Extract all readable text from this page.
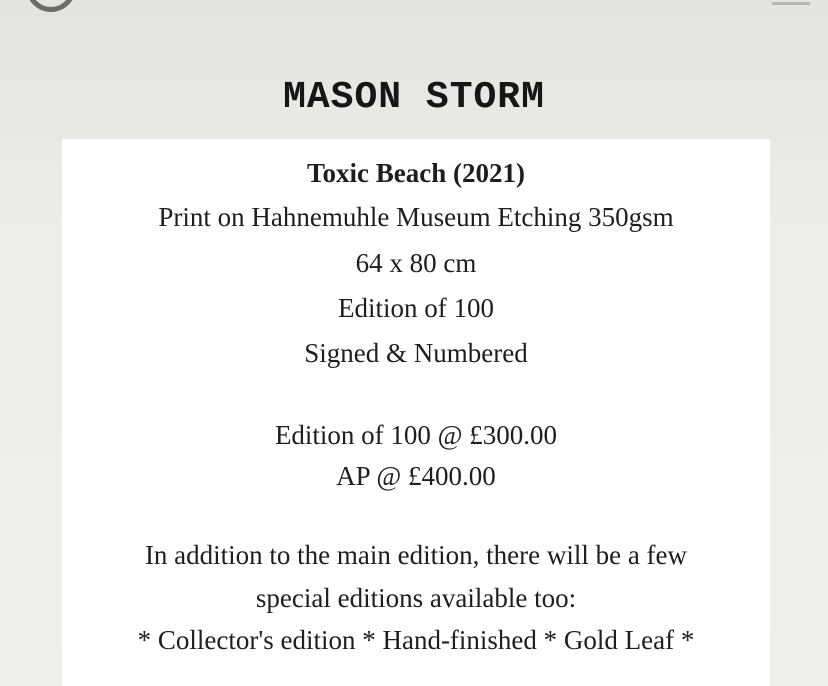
MASON STORM
Toxic Beach (2021)
Print on Hahnemuhle Museum Etching 350gsm
64 x 80 cm
Edition of 100
Signed & Numbered
Edition of 100 @ £300.00
AP @ £400.00
In addition to the main edition, there will be a few
special editions available too:
* Collector's edition * Hand-finished * Gold Leaf *
